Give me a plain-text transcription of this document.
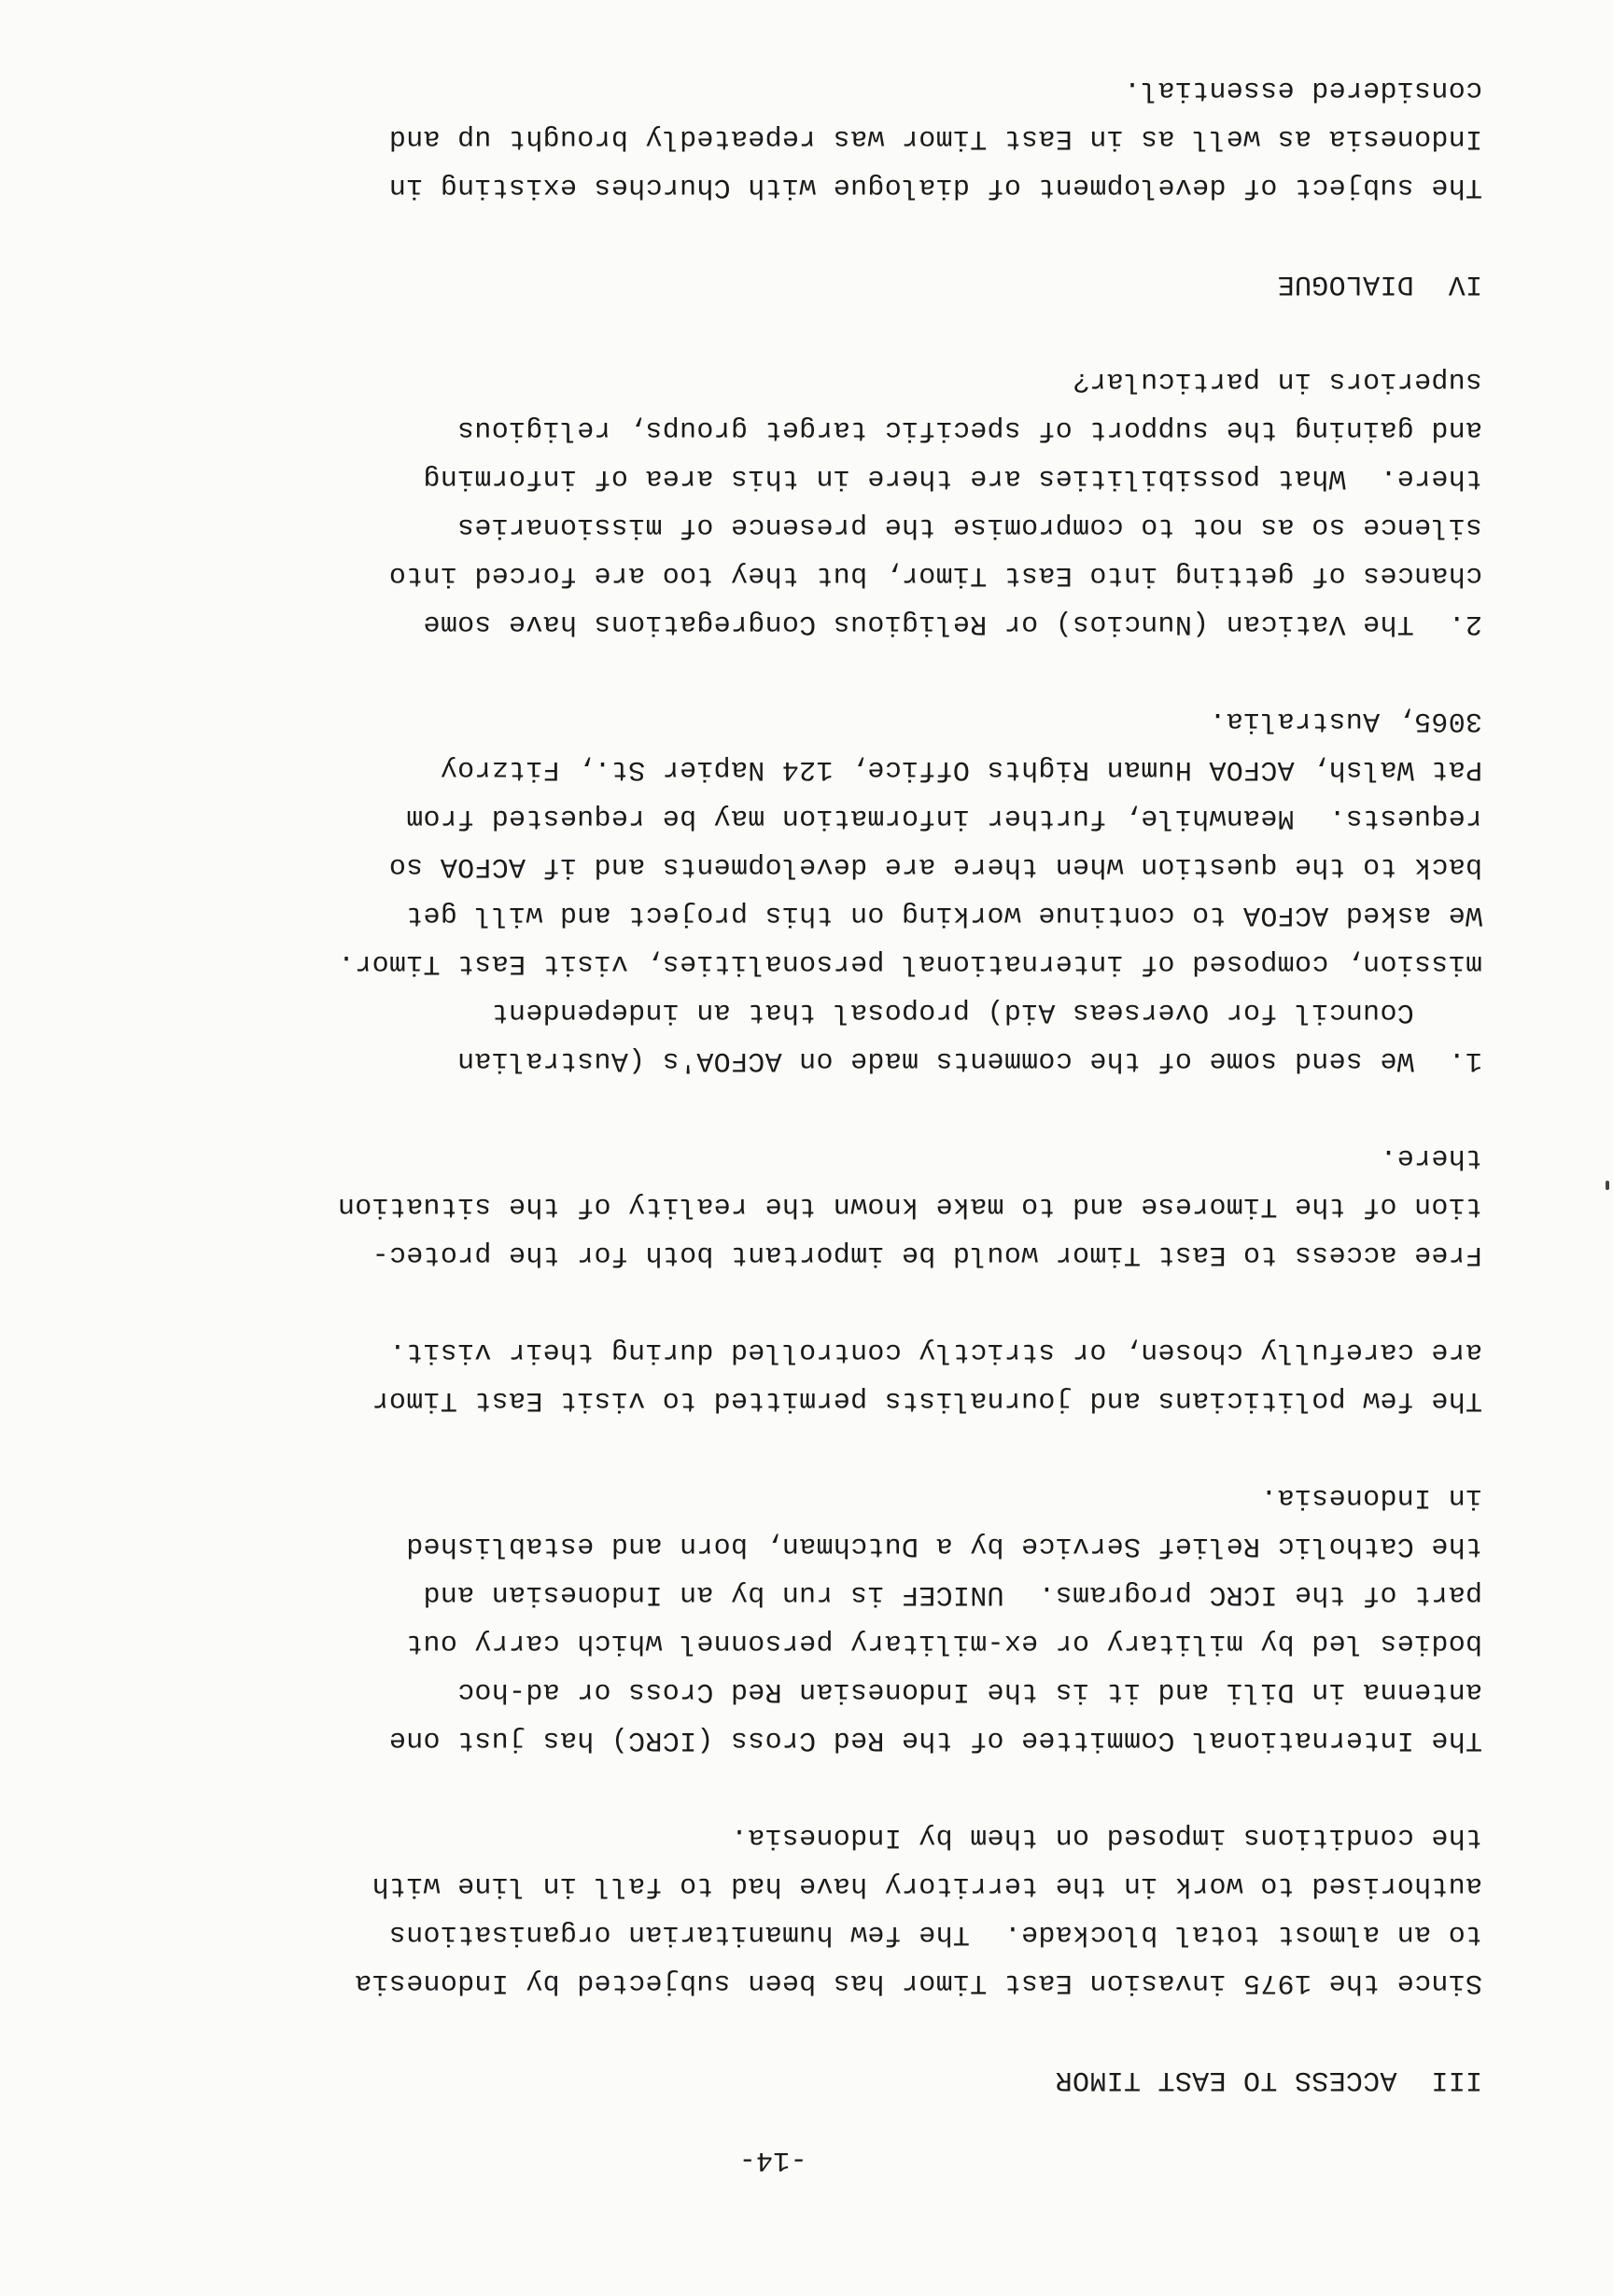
-14-
III  ACCESS TO EAST TIMOR
Since the 1975 invasion East Timor has been subjected by Indonesia
to an almost total blockade.  The few humanitarian organisations
authorised to work in the territory have had to fall in line with
the conditions imposed on them by Indonesia.
The International Committee of the Red Cross (ICRC) has just one
antenna in Dili and it is the Indonesian Red Cross or ad-hoc
bodies led by military or ex-military personnel which carry out
part of the ICRC programs.  UNICEF is run by an Indonesian and
the Catholic Relief Service by a Dutchman, born and established
in Indonesia.
The few politicians and journalists permitted to visit East Timor
are carefully chosen, or strictly controlled during their visit.
Free access to East Timor would be important both for the protec-
tion of the Timorese and to make known the reality of the situation
there.
1.  We send some of the comments made on ACFOA's (Australian
Council for Overseas Aid) proposal that an independent
mission, composed of international personalities, visit East Timor.
We asked ACFOA to continue working on this project and will get
back to the question when there are developments and if ACFOA so
requests.  Meanwhile, further information may be requested from
Pat Walsh, ACFOA Human Rights Office, 124 Napier St., Fitzroy
3065, Australia.
2.  The Vatican (Nuncios) or Religious Congregations have some
chances of getting into East Timor, but they too are forced into
silence so as not to compromise the presence of missionaries
there.  What possibilities are there in this area of informing
and gaining the support of specific target groups, religious
superiors in particular?
IV  DIALOGUE
The subject of development of dialogue with Churches existing in
Indonesia as well as in East Timor was repeatedly brought up and
considered essential.
